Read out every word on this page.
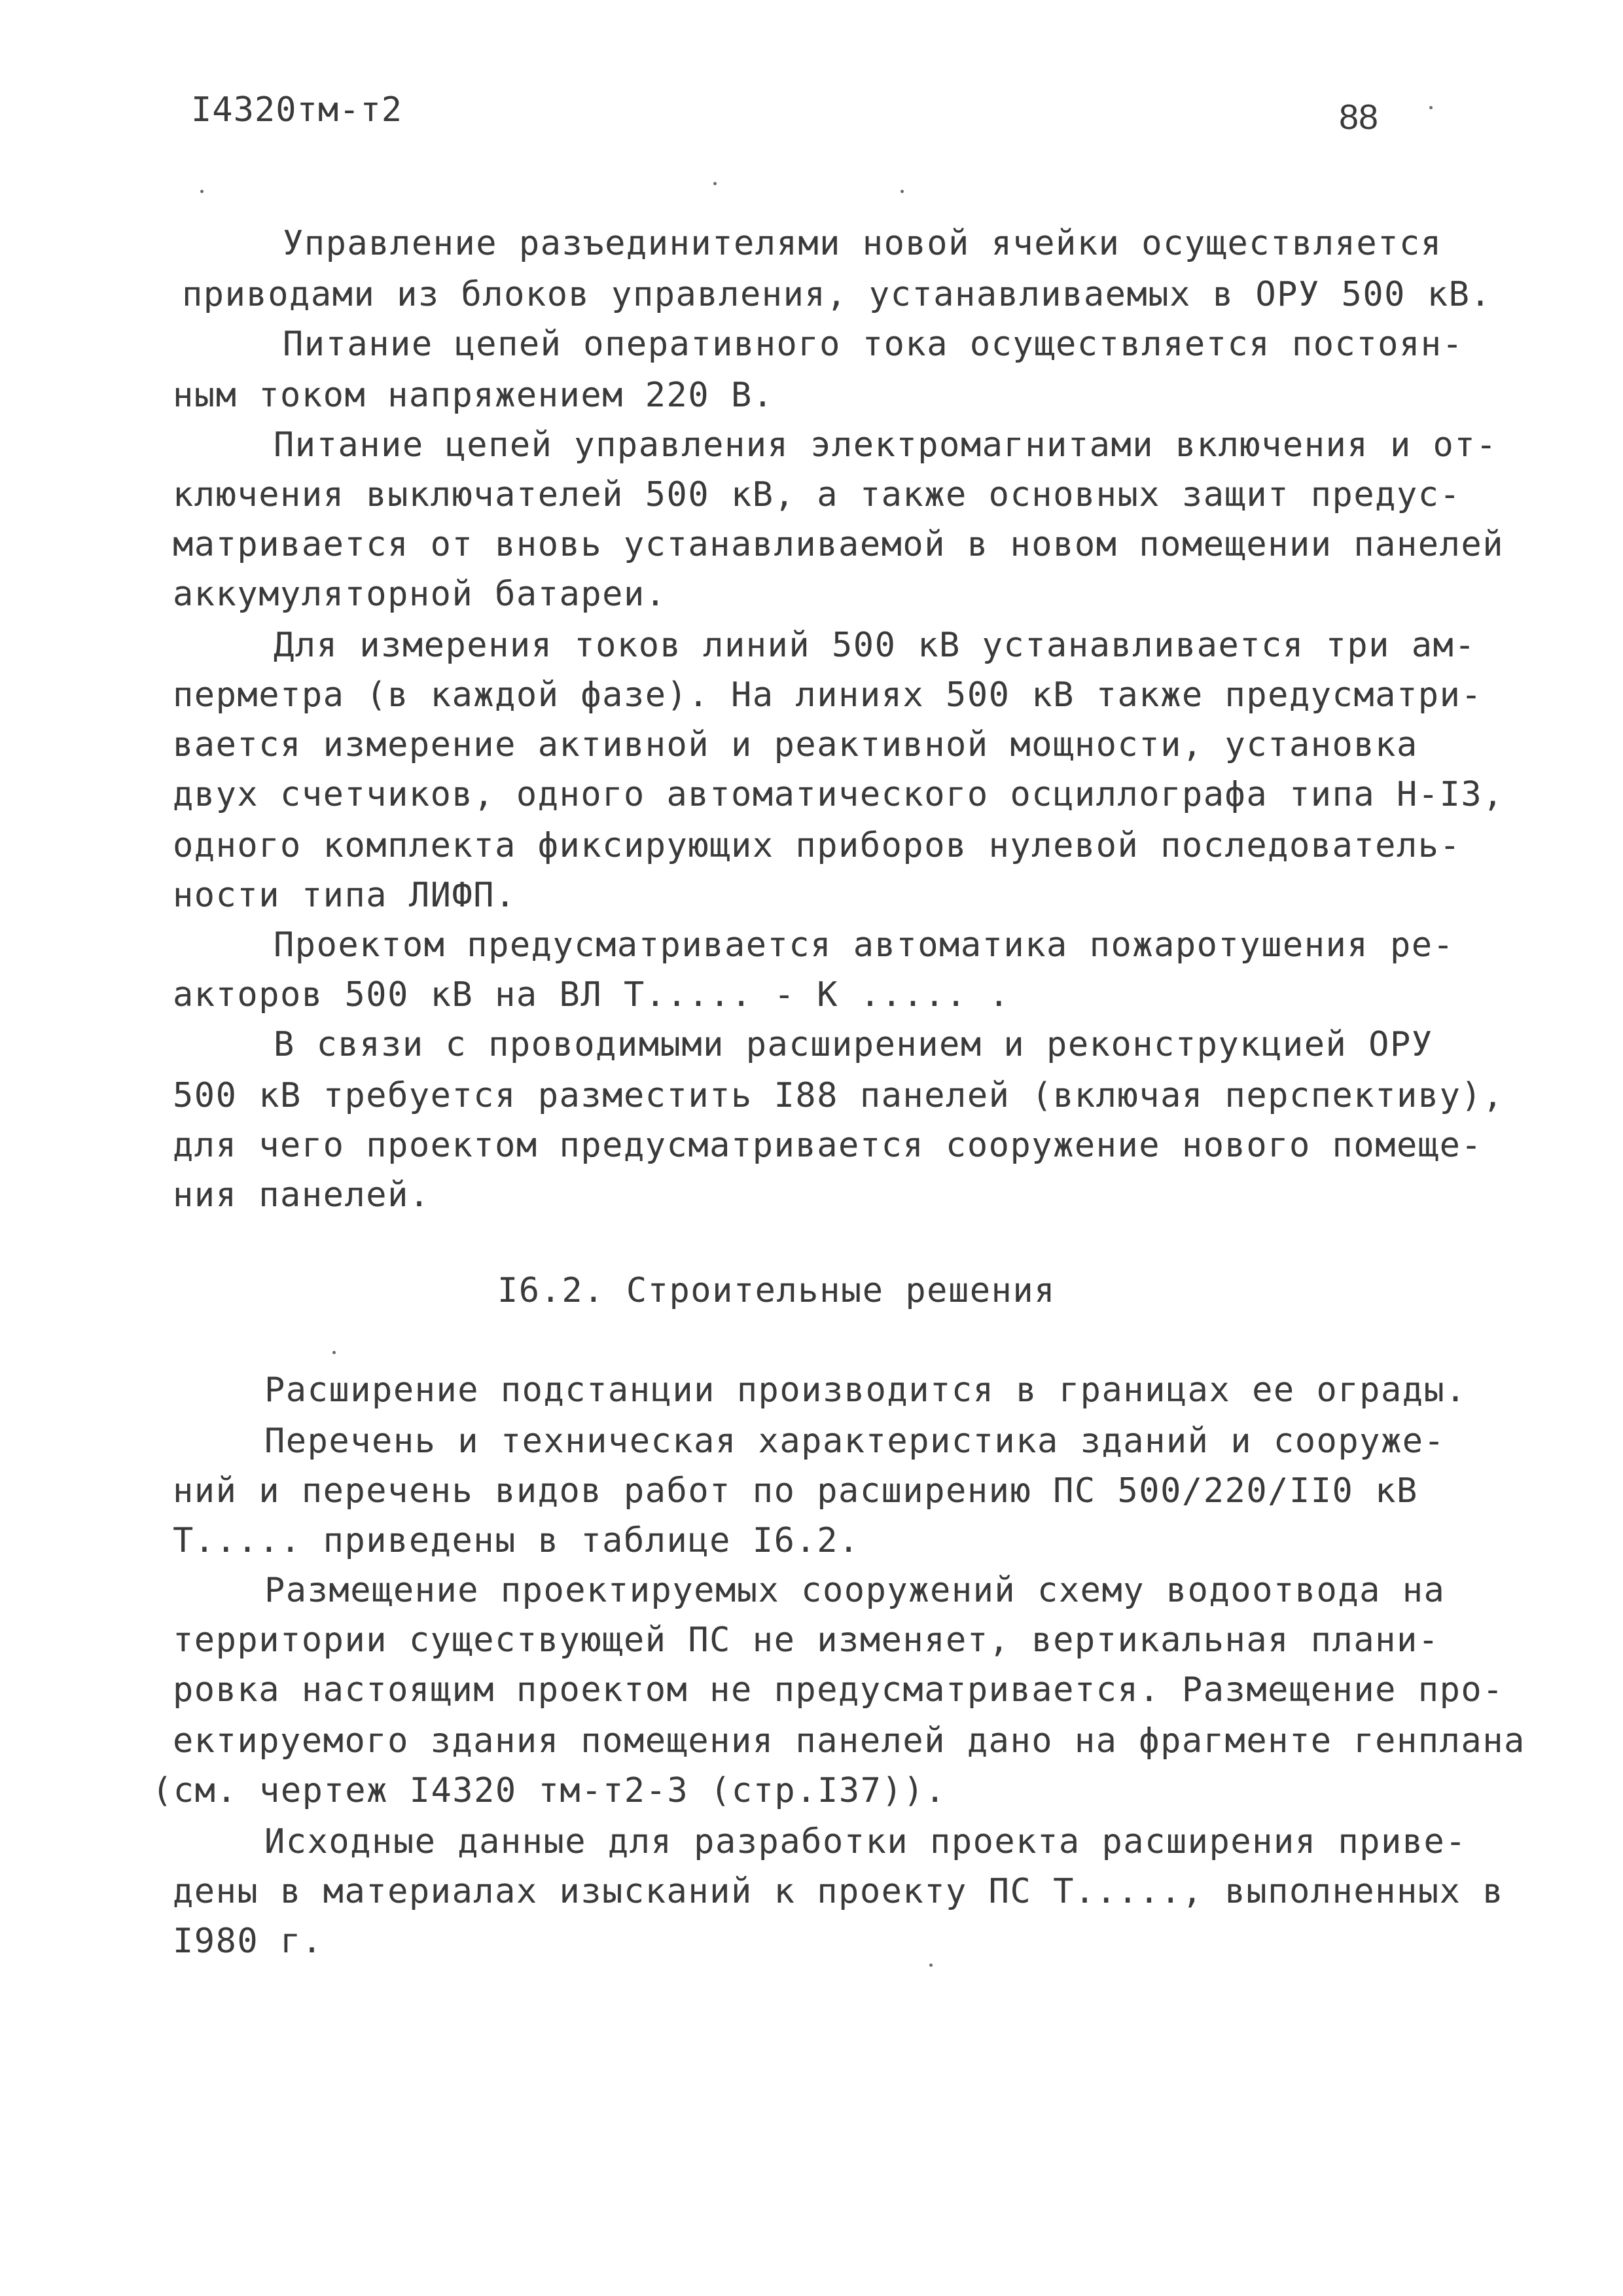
I4320тм-т2	88
Управление разъединителями новой ячейки осуществляется
приводами из блоков управления, устанавливаемых в ОРУ 500 кВ.
Питание цепей оперативного тока осуществляется постоян-
ным током напряжением 220 В.
Питание цепей управления электромагнитами включения и от-
ключения выключателей 500 кВ, а также основных защит предус-
матривается от вновь устанавливаемой в новом помещении панелей
аккумуляторной батареи.
Для измерения токов линий 500 кВ устанавливается три ам-
перметра (в каждой фазе). На линиях 500 кВ также предусматри-
вается измерение активной и реактивной мощности, установка
двух счетчиков, одного автоматического осциллографа типа Н-I3,
одного комплекта фиксирующих приборов нулевой последователь-
ности типа ЛИФП.
Проектом предусматривается автоматика пожаротушения ре-
акторов 500 кВ на ВЛ Т..... - К ..... .
В связи с проводимыми расширением и реконструкцией ОРУ
500 кВ требуется разместить I88 панелей (включая перспективу),
для чего проектом предусматривается сооружение нового помеще-
ния панелей.
I6.2. Строительные решения
Расширение подстанции производится в границах ее ограды.
Перечень и техническая характеристика зданий и сооруже-
ний и перечень видов работ по расширению ПС 500/220/II0 кВ
Т..... приведены в таблице I6.2.
Размещение проектируемых сооружений схему водоотвода на
территории существующей ПС не изменяет, вертикальная плани-
ровка настоящим проектом не предусматривается. Размещение про-
ектируемого здания помещения панелей дано на фрагменте генплана
(см. чертеж I4320 тм-т2-3 (стр.I37)).
Исходные данные для разработки проекта расширения приве-
дены в материалах изысканий к проекту ПС Т....., выполненных в
I980 г.
